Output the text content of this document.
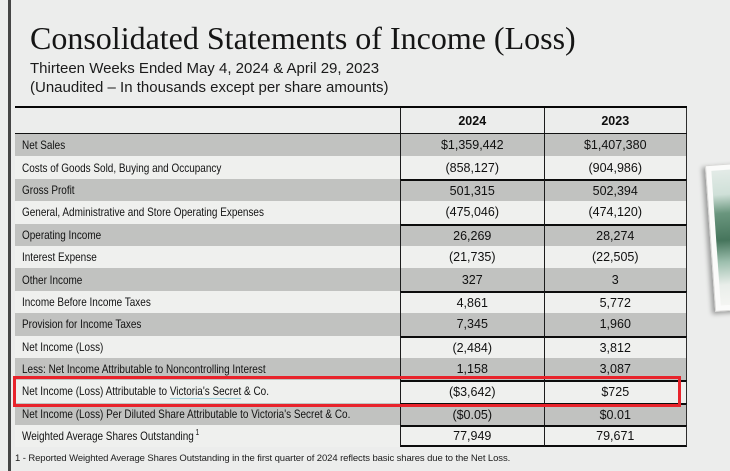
Consolidated Statements of Income (Loss)
Thirteen Weeks Ended May 4, 2024 & April 29, 2023
(Unaudited – In thousands except per share amounts)
2024	2023
Net Sales	$1,359,442	$1,407,380
Costs of Goods Sold, Buying and Occupancy	(858,127)	(904,986)
Gross Profit	501,315	502,394
General, Administrative and Store Operating Expenses	(475,046)	(474,120)
Operating Income	26,269	28,274
Interest Expense	(21,735)	(22,505)
Other Income	327	3
Income Before Income Taxes	4,861	5,772
Provision for Income Taxes	7,345	1,960
Net Income (Loss)	(2,484)	3,812
Less: Net Income Attributable to Noncontrolling Interest	1,158	3,087
Net Income (Loss) Attributable to Victoria's Secret & Co.	($3,642)	$725
Net Income (Loss) Per Diluted Share Attributable to Victoria's Secret & Co.	($0.05)	$0.01
Weighted Average Shares Outstanding $^1$	77,949	79,671
1 - Reported Weighted Average Shares Outstanding in the first quarter of 2024 reflects basic shares due to the Net Loss.
